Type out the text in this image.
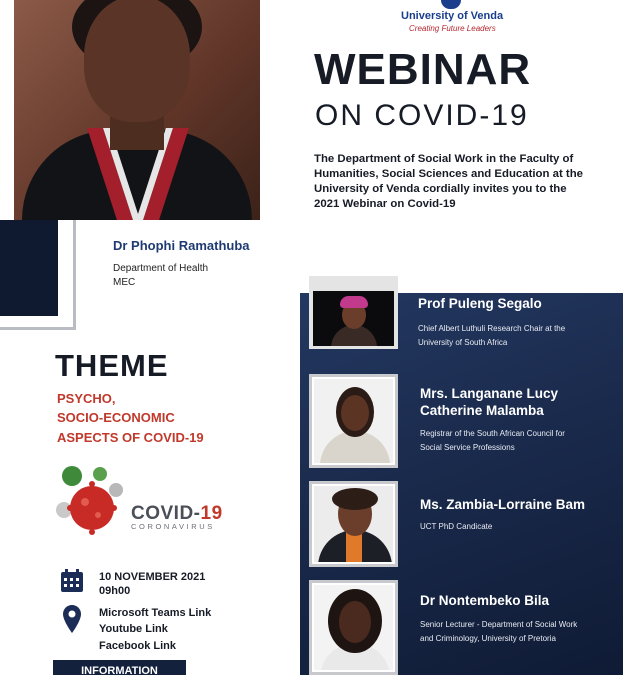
Dr Phophi Ramathuba
Department of Health
MEC
University of Venda
Creating Future Leaders
WEBINAR
ON COVID-19
The Department of Social Work in the Faculty of Humanities, Social Sciences and Education at the University of Venda cordially invites you to the 2021 Webinar on Covid-19
THEME
PSYCHO,
SOCIO-ECONOMIC
ASPECTS OF COVID-19
COVID-19
CORONAVIRUS
10 NOVEMBER 2021
09h00
Microsoft Teams Link
Youtube Link
Facebook Link
INFORMATION
Prof Puleng Segalo
Chief Albert Luthuli Research Chair at the
University of South Africa
Mrs. Langanane Lucy
Catherine Malamba
Registrar of the South African Council for
Social Service Professions
Ms. Zambia-Lorraine Bam
UCT PhD Candicate
Dr Nontembeko Bila
Senior Lecturer - Department of Social Work
and Criminology, University of Pretoria
